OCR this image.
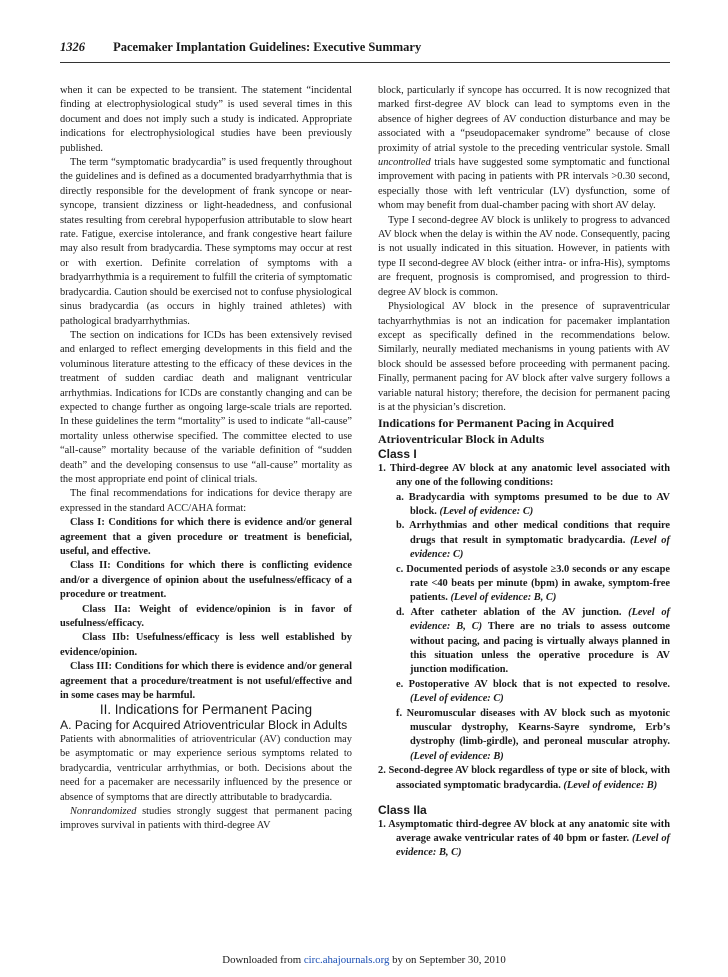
1326 Pacemaker Implantation Guidelines: Executive Summary

when it can be expected to be transient. The statement “incidental finding at electrophysiological study” is used several times in this document and does not imply such a study is indicated. Appropriate indications for electrophysiological studies have been previously published.

The term “symptomatic bradycardia” is used frequently throughout the guidelines and is defined as a documented bradyarrhythmia that is directly responsible for the development of frank syncope or near-syncope, transient dizziness or light-headedness, and confusional states resulting from cerebral hypoperfusion attributable to slow heart rate. Fatigue, exercise intolerance, and frank congestive heart failure may also result from bradycardia. These symptoms may occur at rest or with exertion. Definite correlation of symptoms with a bradyarrhythmia is a requirement to fulfill the criteria of symptomatic bradycardia. Caution should be exercised not to confuse physiological sinus bradycardia (as occurs in highly trained athletes) with pathological bradyarrhythmias.

The section on indications for ICDs has been extensively revised and enlarged to reflect emerging developments in this field and the voluminous literature attesting to the efficacy of these devices in the treatment of sudden cardiac death and malignant ventricular arrhythmias. Indications for ICDs are constantly changing and can be expected to change further as ongoing large-scale trials are reported. In these guidelines the term “mortality” is used to indicate “all-cause” mortality unless otherwise specified. The committee elected to use “all-cause” mortality because of the variable definition of “sudden death” and the developing consensus to use “all-cause” mortality as the most appropriate end point of clinical trials.

The final recommendations for indications for device therapy are expressed in the standard ACC/AHA format:

Class I: Conditions for which there is evidence and/or general agreement that a given procedure or treatment is beneficial, useful, and effective.

Class II: Conditions for which there is conflicting evidence and/or a divergence of opinion about the usefulness/efficacy of a procedure or treatment.

Class IIa: Weight of evidence/opinion is in favor of usefulness/efficacy.

Class IIb: Usefulness/efficacy is less well established by evidence/opinion.

Class III: Conditions for which there is evidence and/or general agreement that a procedure/treatment is not useful/effective and in some cases may be harmful.

II. Indications for Permanent Pacing

A. Pacing for Acquired Atrioventricular Block in Adults

Patients with abnormalities of atrioventricular (AV) conduction may be asymptomatic or may experience serious symptoms related to bradycardia, ventricular arrhythmias, or both. Decisions about the need for a pacemaker are necessarily influenced by the presence or absence of symptoms that are directly attributable to bradycardia.

Nonrandomized studies strongly suggest that permanent pacing improves survival in patients with third-degree AV

block, particularly if syncope has occurred. It is now recognized that marked first-degree AV block can lead to symptoms even in the absence of higher degrees of AV conduction disturbance and may be associated with a “pseudopacemaker syndrome” because of close proximity of atrial systole to the preceding ventricular systole. Small uncontrolled trials have suggested some symptomatic and functional improvement with pacing in patients with PR intervals >0.30 second, especially those with left ventricular (LV) dysfunction, some of whom may benefit from dual-chamber pacing with short AV delay.

Type I second-degree AV block is unlikely to progress to advanced AV block when the delay is within the AV node. Consequently, pacing is not usually indicated in this situation. However, in patients with type II second-degree AV block (either intra- or infra-His), symptoms are frequent, prognosis is compromised, and progression to third-degree AV block is common.

Physiological AV block in the presence of supraventricular tachyarrhythmias is not an indication for pacemaker implantation except as specifically defined in the recommendations below. Similarly, neurally mediated mechanisms in young patients with AV block should be assessed before proceeding with permanent pacing. Finally, permanent pacing for AV block after valve surgery follows a variable natural history; therefore, the decision for permanent pacing is at the physician’s discretion.

Indications for Permanent Pacing in Acquired Atrioventricular Block in Adults

Class I

1. Third-degree AV block at any anatomic level associated with any one of the following conditions:

a. Bradycardia with symptoms presumed to be due to AV block. (Level of evidence: C)

b. Arrhythmias and other medical conditions that require drugs that result in symptomatic bradycardia. (Level of evidence: C)

c. Documented periods of asystole ≥3.0 seconds or any escape rate <40 beats per minute (bpm) in awake, symptom-free patients. (Level of evidence: B, C)

d. After catheter ablation of the AV junction. (Level of evidence: B, C) There are no trials to assess outcome without pacing, and pacing is virtually always planned in this situation unless the operative procedure is AV junction modification.

e. Postoperative AV block that is not expected to resolve. (Level of evidence: C)

f. Neuromuscular diseases with AV block such as myotonic muscular dystrophy, Kearns-Sayre syndrome, Erb’s dystrophy (limb-girdle), and peroneal muscular atrophy. (Level of evidence: B)

2. Second-degree AV block regardless of type or site of block, with associated symptomatic bradycardia. (Level of evidence: B)

Class IIa

1. Asymptomatic third-degree AV block at any anatomic site with average awake ventricular rates of 40 bpm or faster. (Level of evidence: B, C)

Downloaded from circ.ahajournals.org by on September 30, 2010
